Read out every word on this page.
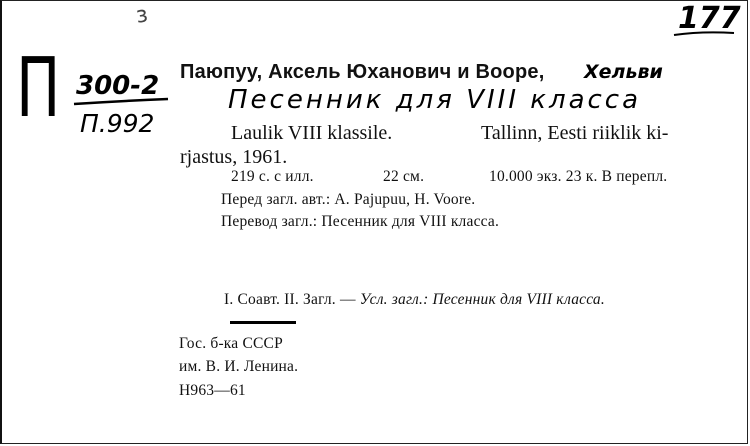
з	177
П 300-2
П.992
Паюпуу, Аксель Юханович и Вооре, Хельви
Песенник для VIII класса
Laulik VIII klassile.	Tallinn, Eesti riiklik ki-
rjastus, 1961.
219 с. с илл.	22 см.	10.000 экз. 23 к. В перепл.
Перед загл. авт.: A. Pajupuu, H. Voore.
Перевод загл.: Песенник для VIII класса.
I. Соавт. II. Загл. — Усл. загл.: Песенник для VIII класса.
Гос. б-ка СССР
им. В. И. Ленина.
Н963—61
